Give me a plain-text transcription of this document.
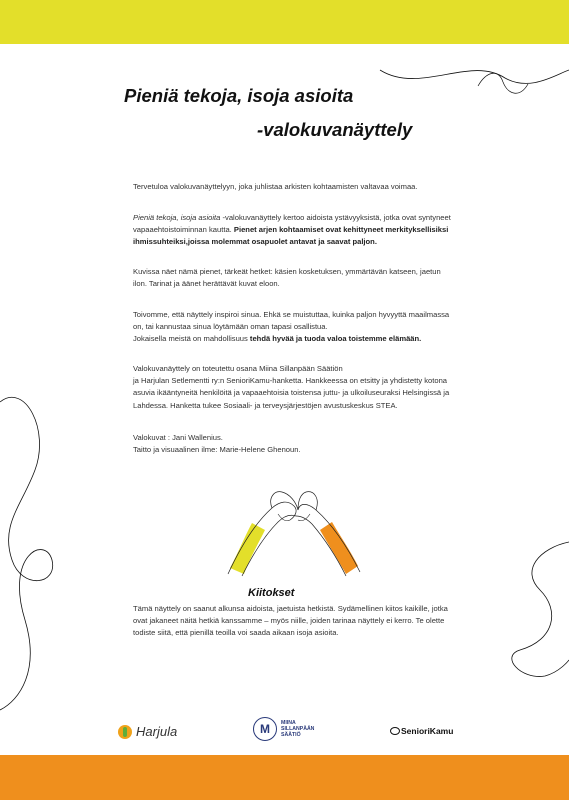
Pieniä tekoja, isoja asioita
-valokuvanäyttely

Tervetuloa valokuvanäyttelyyn, joka juhlistaa arkisten kohtaamisten valtavaa voimaa.

Pieniä tekoja, isoja asioita -valokuvanäyttely kertoo aidoista ystävyyksistä, jotka ovat syntyneet vapaaehtoistoiminnan kautta. Pienet arjen kohtaamiset ovat kehittyneet merkityksellisiksi ihmissuhteiksi,joissa molemmat osapuolet antavat ja saavat paljon.

Kuvissa näet nämä pienet, tärkeät hetket: käsien kosketuksen, ymmärtävän katseen, jaetun ilon. Tarinat ja äänet herättävät kuvat eloon.

Toivomme, että näyttely inspiroi sinua. Ehkä se muistuttaa, kuinka paljon hyvyyttä maailmassa on, tai kannustaa sinua löytämään oman tapasi osallistua.

Jokaisella meistä on mahdollisuus tehdä hyvää ja tuoda valoa toistemme elämään.

Valokuvanäyttely on toteutettu osana Miina Sillanpään Säätiön

ja Harjulan Setlementti ry:n SenioriKamu-hanketta. Hankkeessa on etsitty ja yhdistetty kotona asuvia ikääntyneitä henkilöitä ja vapaaehtoisia toistensa juttu- ja ulkoiluseuraksi Helsingissä ja Lahdessa. Hanketta tukee Sosiaali- ja terveysjärjestöjen avustuskeskus STEA.

Valokuvat : Jani Wallenius.

Taitto ja visuaalinen ilme: Marie-Helene Ghenoun.

Kiitokset

Tämä näyttely on saanut alkunsa aidoista, jaetuista hetkistä. Sydämellinen kiitos kaikille, jotka ovat jakaneet näitä hetkiä kanssamme – myös niille, joiden tarinaa näyttely ei kerro. Te olette todiste siitä, että pienillä teoilla voi saada aikaan isoja asioita.

Harjula	M	MIINA
SILLANPÄÄN
SÄÄTIÖ	SenioriKamu
